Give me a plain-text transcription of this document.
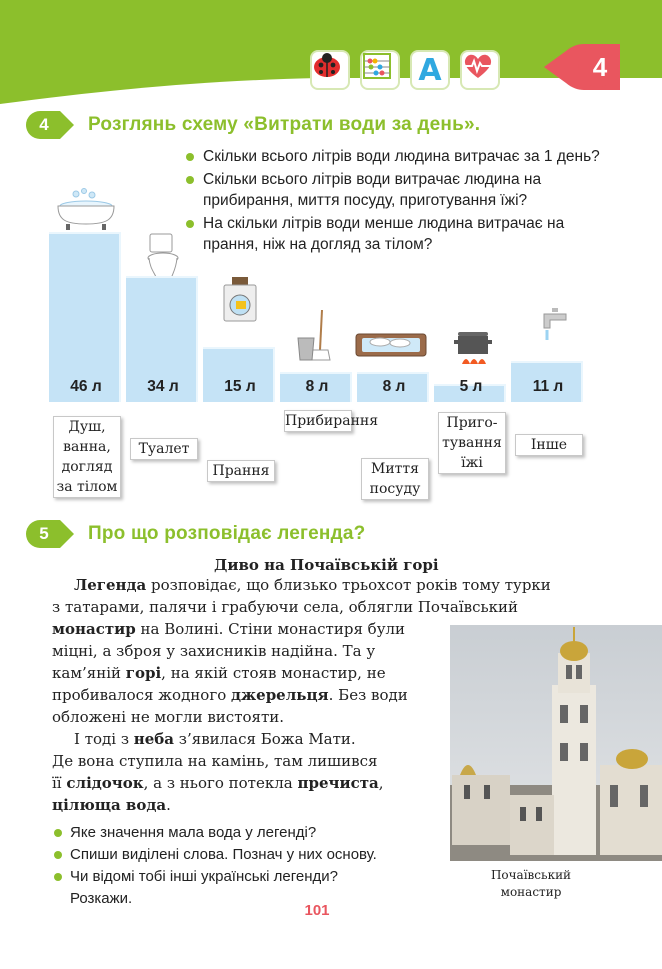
A	4
4 Розглянь схему «Витрати води за день».
Скільки всього літрів води людина витрачає за 1 день?
Скільки всього літрів води витрачає людина на прибирання, миття посуду, приготування їжі?
На скільки літрів води менше людина витрачає на прання, ніж на догляд за тілом?
46 л
Душ,
ванна,
догляд
за тілом
34 л
Туалет
15 л
Прання
8 л
Прибирання
8 л
Миття
посуду
5 л
Приго-
тування
їжі
11 л
Інше
5 Про що розповідає легенда?
Диво на Почаївській горі
Легенда розповідає, що близько трьохсот років тому турки
з татарами, палячи і грабуючи села, облягли Почаївський
монастир на Волині. Стіни монастиря були
міцні, а зброя у захисників надійна. Та у
кам’яній горі, на якій стояв монастир, не
пробивалося жодного джерельця. Без води
обложені не могли вистояти.
І тоді з неба з’явилася Божа Мати.
Де вона ступила на камінь, там лишився
її слідочок, а з нього потекла пречиста,
цілюща вода.
Почаївський
монастир
Яке значення мала вода у легенді?
Спиши виділені слова. Познач у них основу.
Чи відомі тобі інші українські легенди?
Розкажи.
101
